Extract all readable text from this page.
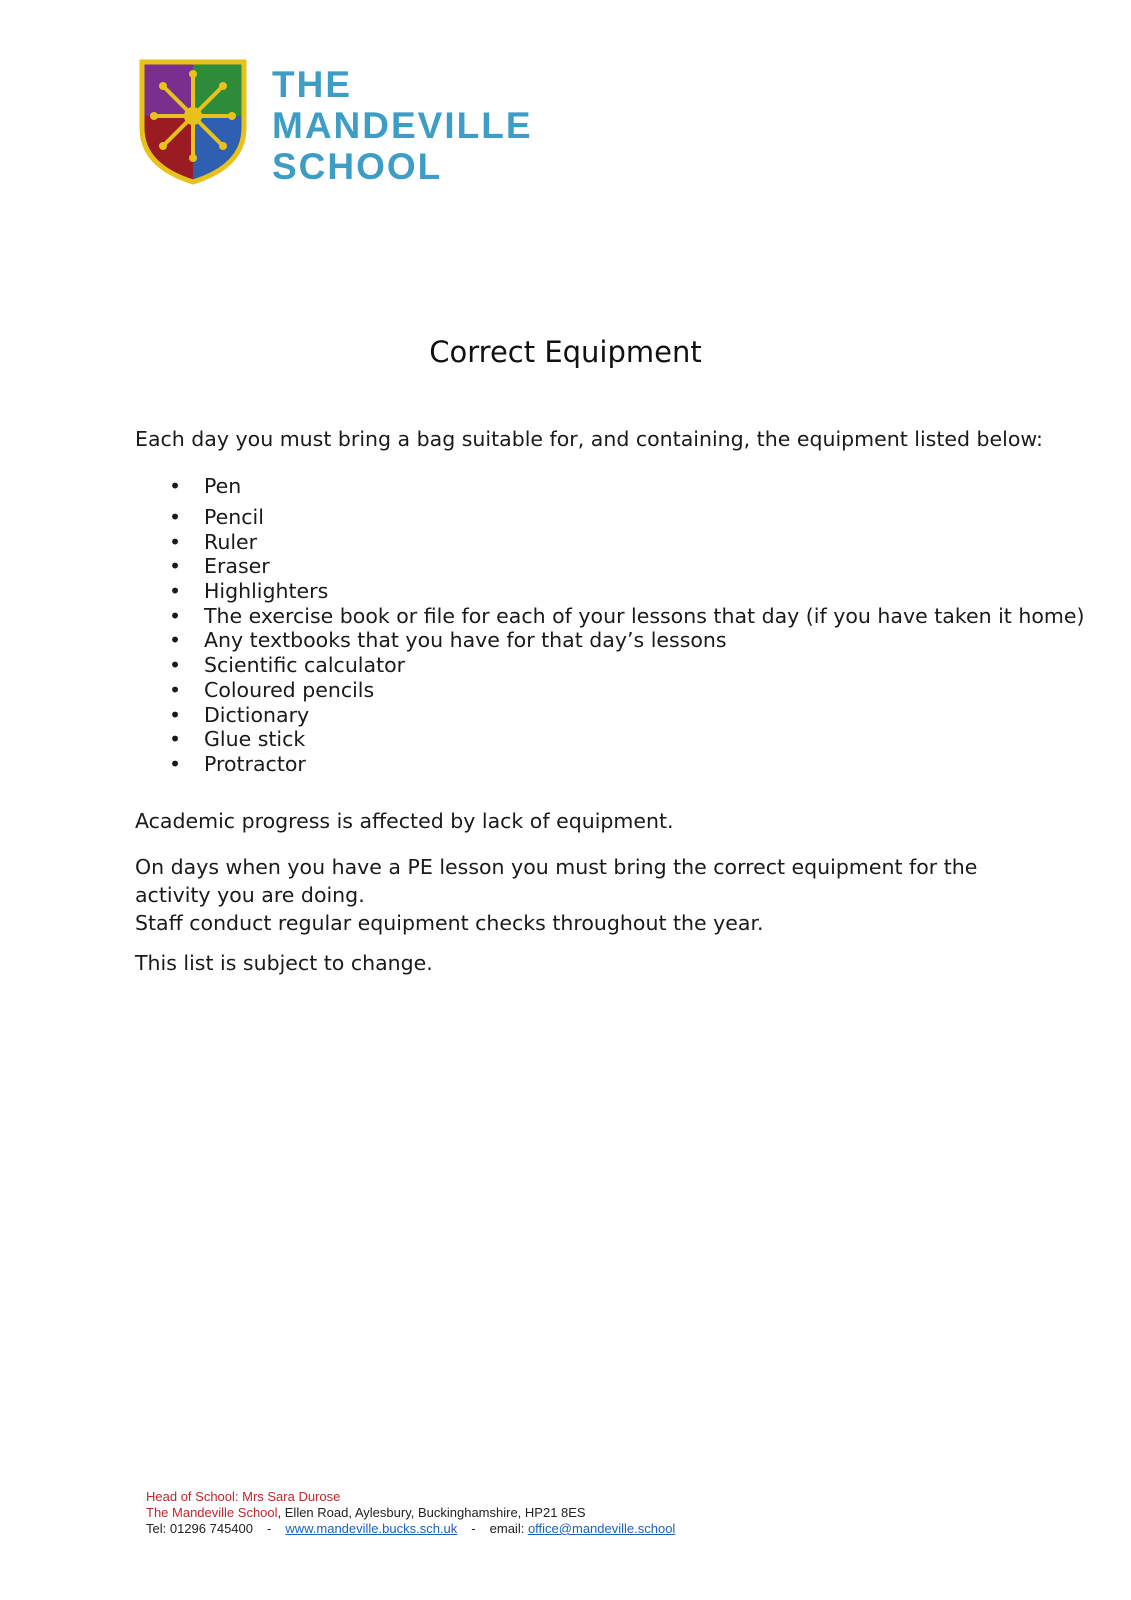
THE
MANDEVILLE
SCHOOL
Correct Equipment

Each day you must bring a bag suitable for, and containing, the equipment listed below:

• Pen
• Pencil
• Ruler
• Eraser
• Highlighters
• The exercise book or file for each of your lessons that day (if you have taken it home)
• Any textbooks that you have for that day’s lessons
• Scientific calculator
• Coloured pencils
• Dictionary
• Glue stick
• Protractor

Academic progress is affected by lack of equipment.

On days when you have a PE lesson you must bring the correct equipment for the activity you are doing.

Staff conduct regular equipment checks throughout the year.

This list is subject to change.

Head of School: Mrs Sara Durose
The Mandeville School, Ellen Road, Aylesbury, Buckinghamshire, HP21 8ES
Tel: 01296 745400 - www.mandeville.bucks.sch.uk - email: office@mandeville.school
